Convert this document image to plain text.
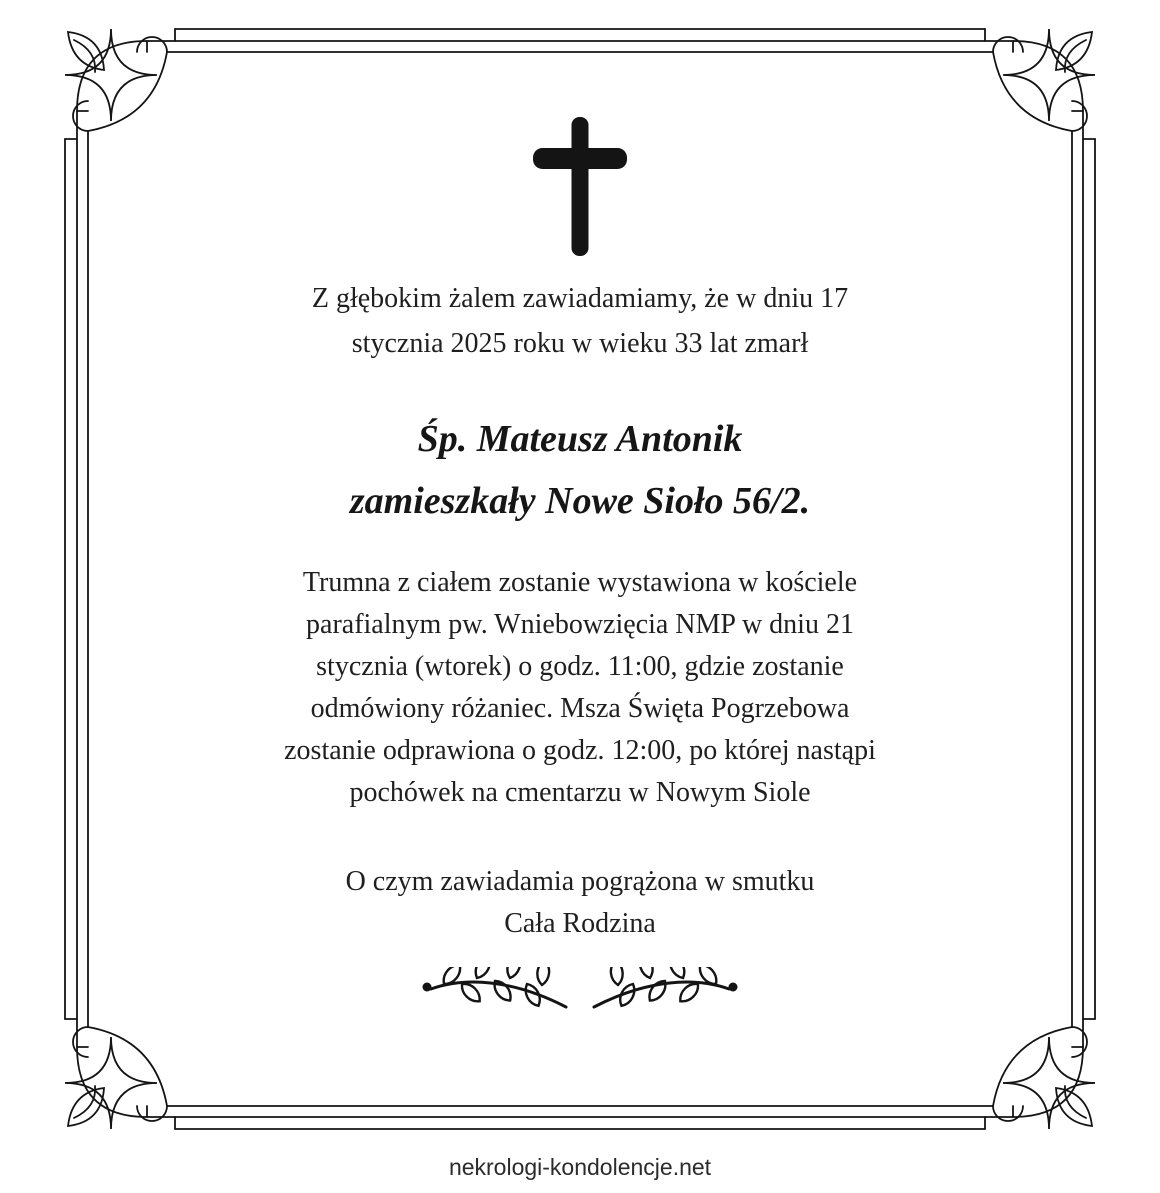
Z głębokim żalem zawiadamiamy, że w dniu 17
stycznia 2025 roku w wieku 33 lat zmarł
Śp. Mateusz Antonik
zamieszkały Nowe Sioło 56/2.
Trumna z ciałem zostanie wystawiona w kościele
parafialnym pw. Wniebowzięcia NMP w dniu 21
stycznia (wtorek) o godz. 11:00, gdzie zostanie
odmówiony różaniec. Msza Święta Pogrzebowa
zostanie odprawiona o godz. 12:00, po której nastąpi
pochówek na cmentarzu w Nowym Siole
O czym zawiadamia pogrążona w smutku
Cała Rodzina
nekrologi-kondolencje.net
